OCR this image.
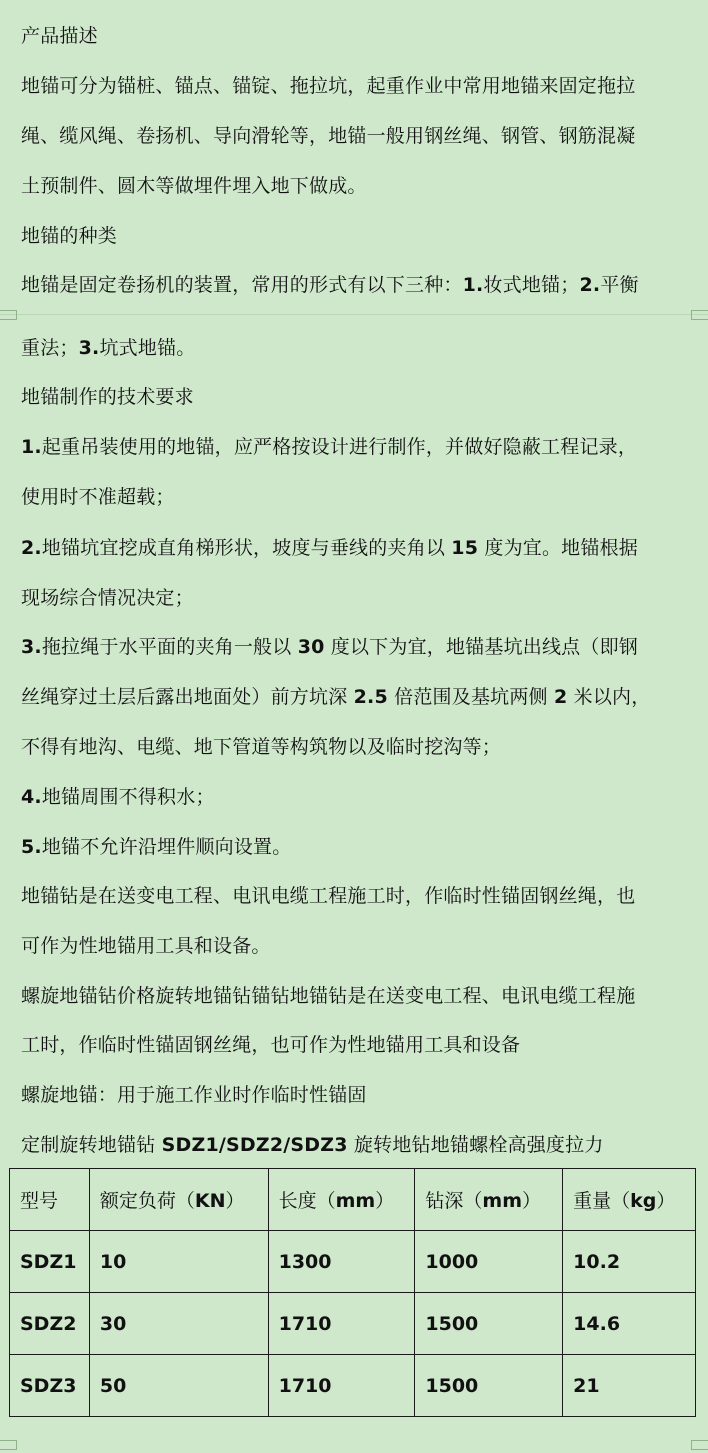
产品描述
地锚可分为锚桩、锚点、锚锭、拖拉坑，起重作业中常用地锚来固定拖拉
绳、缆风绳、卷扬机、导向滑轮等，地锚一般用钢丝绳、钢管、钢筋混凝
土预制件、圆木等做埋件埋入地下做成。
地锚的种类
地锚是固定卷扬机的装置，常用的形式有以下三种：1.妆式地锚；2.平衡
重法；3.坑式地锚。
地锚制作的技术要求
1.起重吊装使用的地锚，应严格按设计进行制作，并做好隐蔽工程记录，
使用时不准超载；
2.地锚坑宜挖成直角梯形状，坡度与垂线的夹角以 15 度为宜。地锚根据
现场综合情况决定；
3.拖拉绳于水平面的夹角一般以 30 度以下为宜，地锚基坑出线点（即钢
丝绳穿过土层后露出地面处）前方坑深 2.5 倍范围及基坑两侧 2 米以内，
不得有地沟、电缆、地下管道等构筑物以及临时挖沟等；
4.地锚周围不得积水；
5.地锚不允许沿埋件顺向设置。
地锚钻是在送变电工程、电讯电缆工程施工时，作临时性锚固钢丝绳，也
可作为性地锚用工具和设备。
螺旋地锚钻价格旋转地锚钻锚钻地锚钻是在送变电工程、电讯电缆工程施
工时，作临时性锚固钢丝绳，也可作为性地锚用工具和设备
螺旋地锚：用于施工作业时作临时性锚固
定制旋转地锚钻 SDZ1/SDZ2/SDZ3 旋转地钻地锚螺栓高强度拉力
型号	额定负荷（KN）	长度（mm）	钻深（mm）	重量（kg）
SDZ1	10	1300	1000	10.2
SDZ2	30	1710	1500	14.6
SDZ3	50	1710	1500	21
